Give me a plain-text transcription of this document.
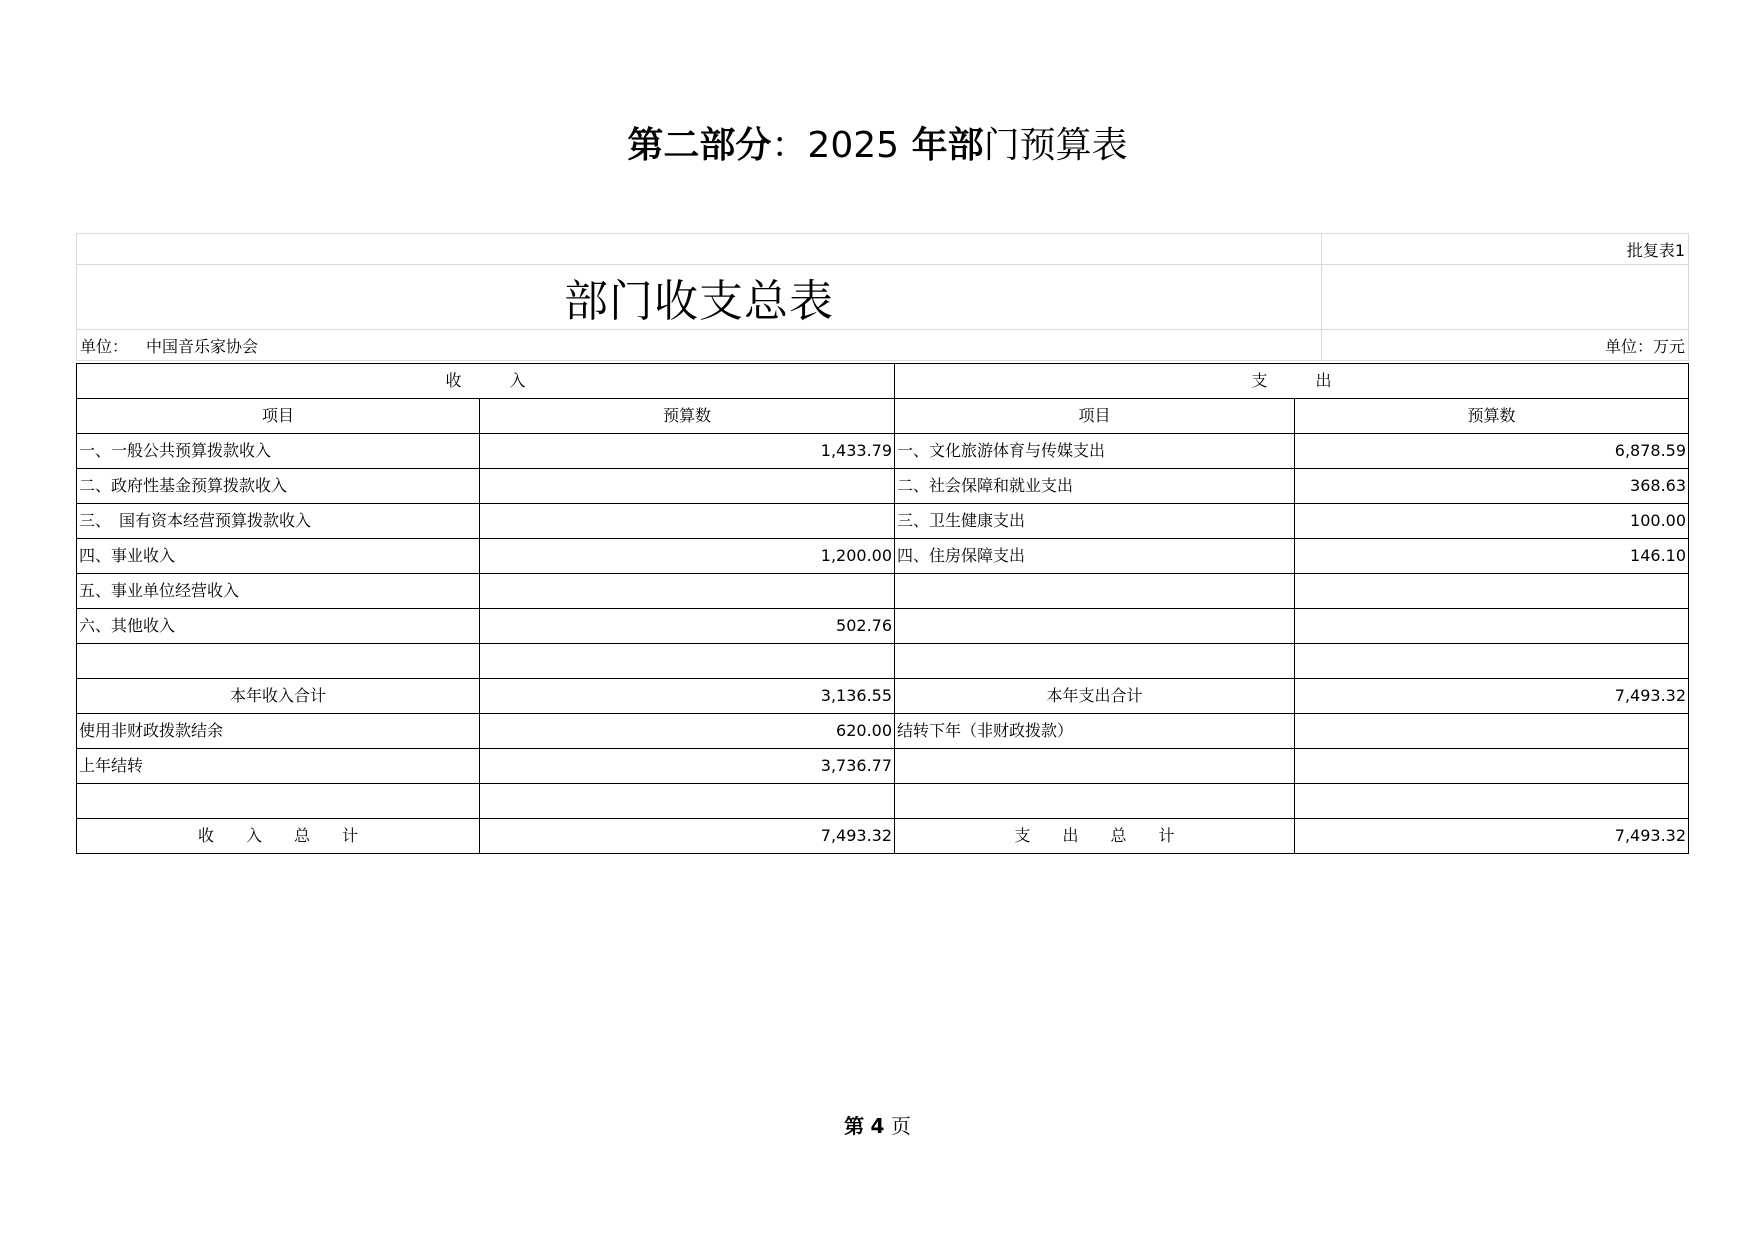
第二部分：2025 年部门预算表
	批复表1
部门收支总表	
单位： 中国音乐家协会	单位：万元
收　　　入		支　　　出	
项目	预算数	项目	预算数
一、一般公共预算拨款收入	1,433.79	一、文化旅游体育与传媒支出	6,878.59
二、政府性基金预算拨款收入		二、社会保障和就业支出	368.63
三、　国有资本经营预算拨款收入		三、卫生健康支出	100.00
四、事业收入	1,200.00	四、住房保障支出	146.10
五、事业单位经营收入			
六、其他收入	502.76		

本年收入合计	3,136.55	本年支出合计	7,493.32
使用非财政拨款结余	620.00	结转下年（非财政拨款）	
上年结转	3,736.77		

收　　入　　总　　计	7,493.32	支　　出　　总　　计	7,493.32
第 4 页
